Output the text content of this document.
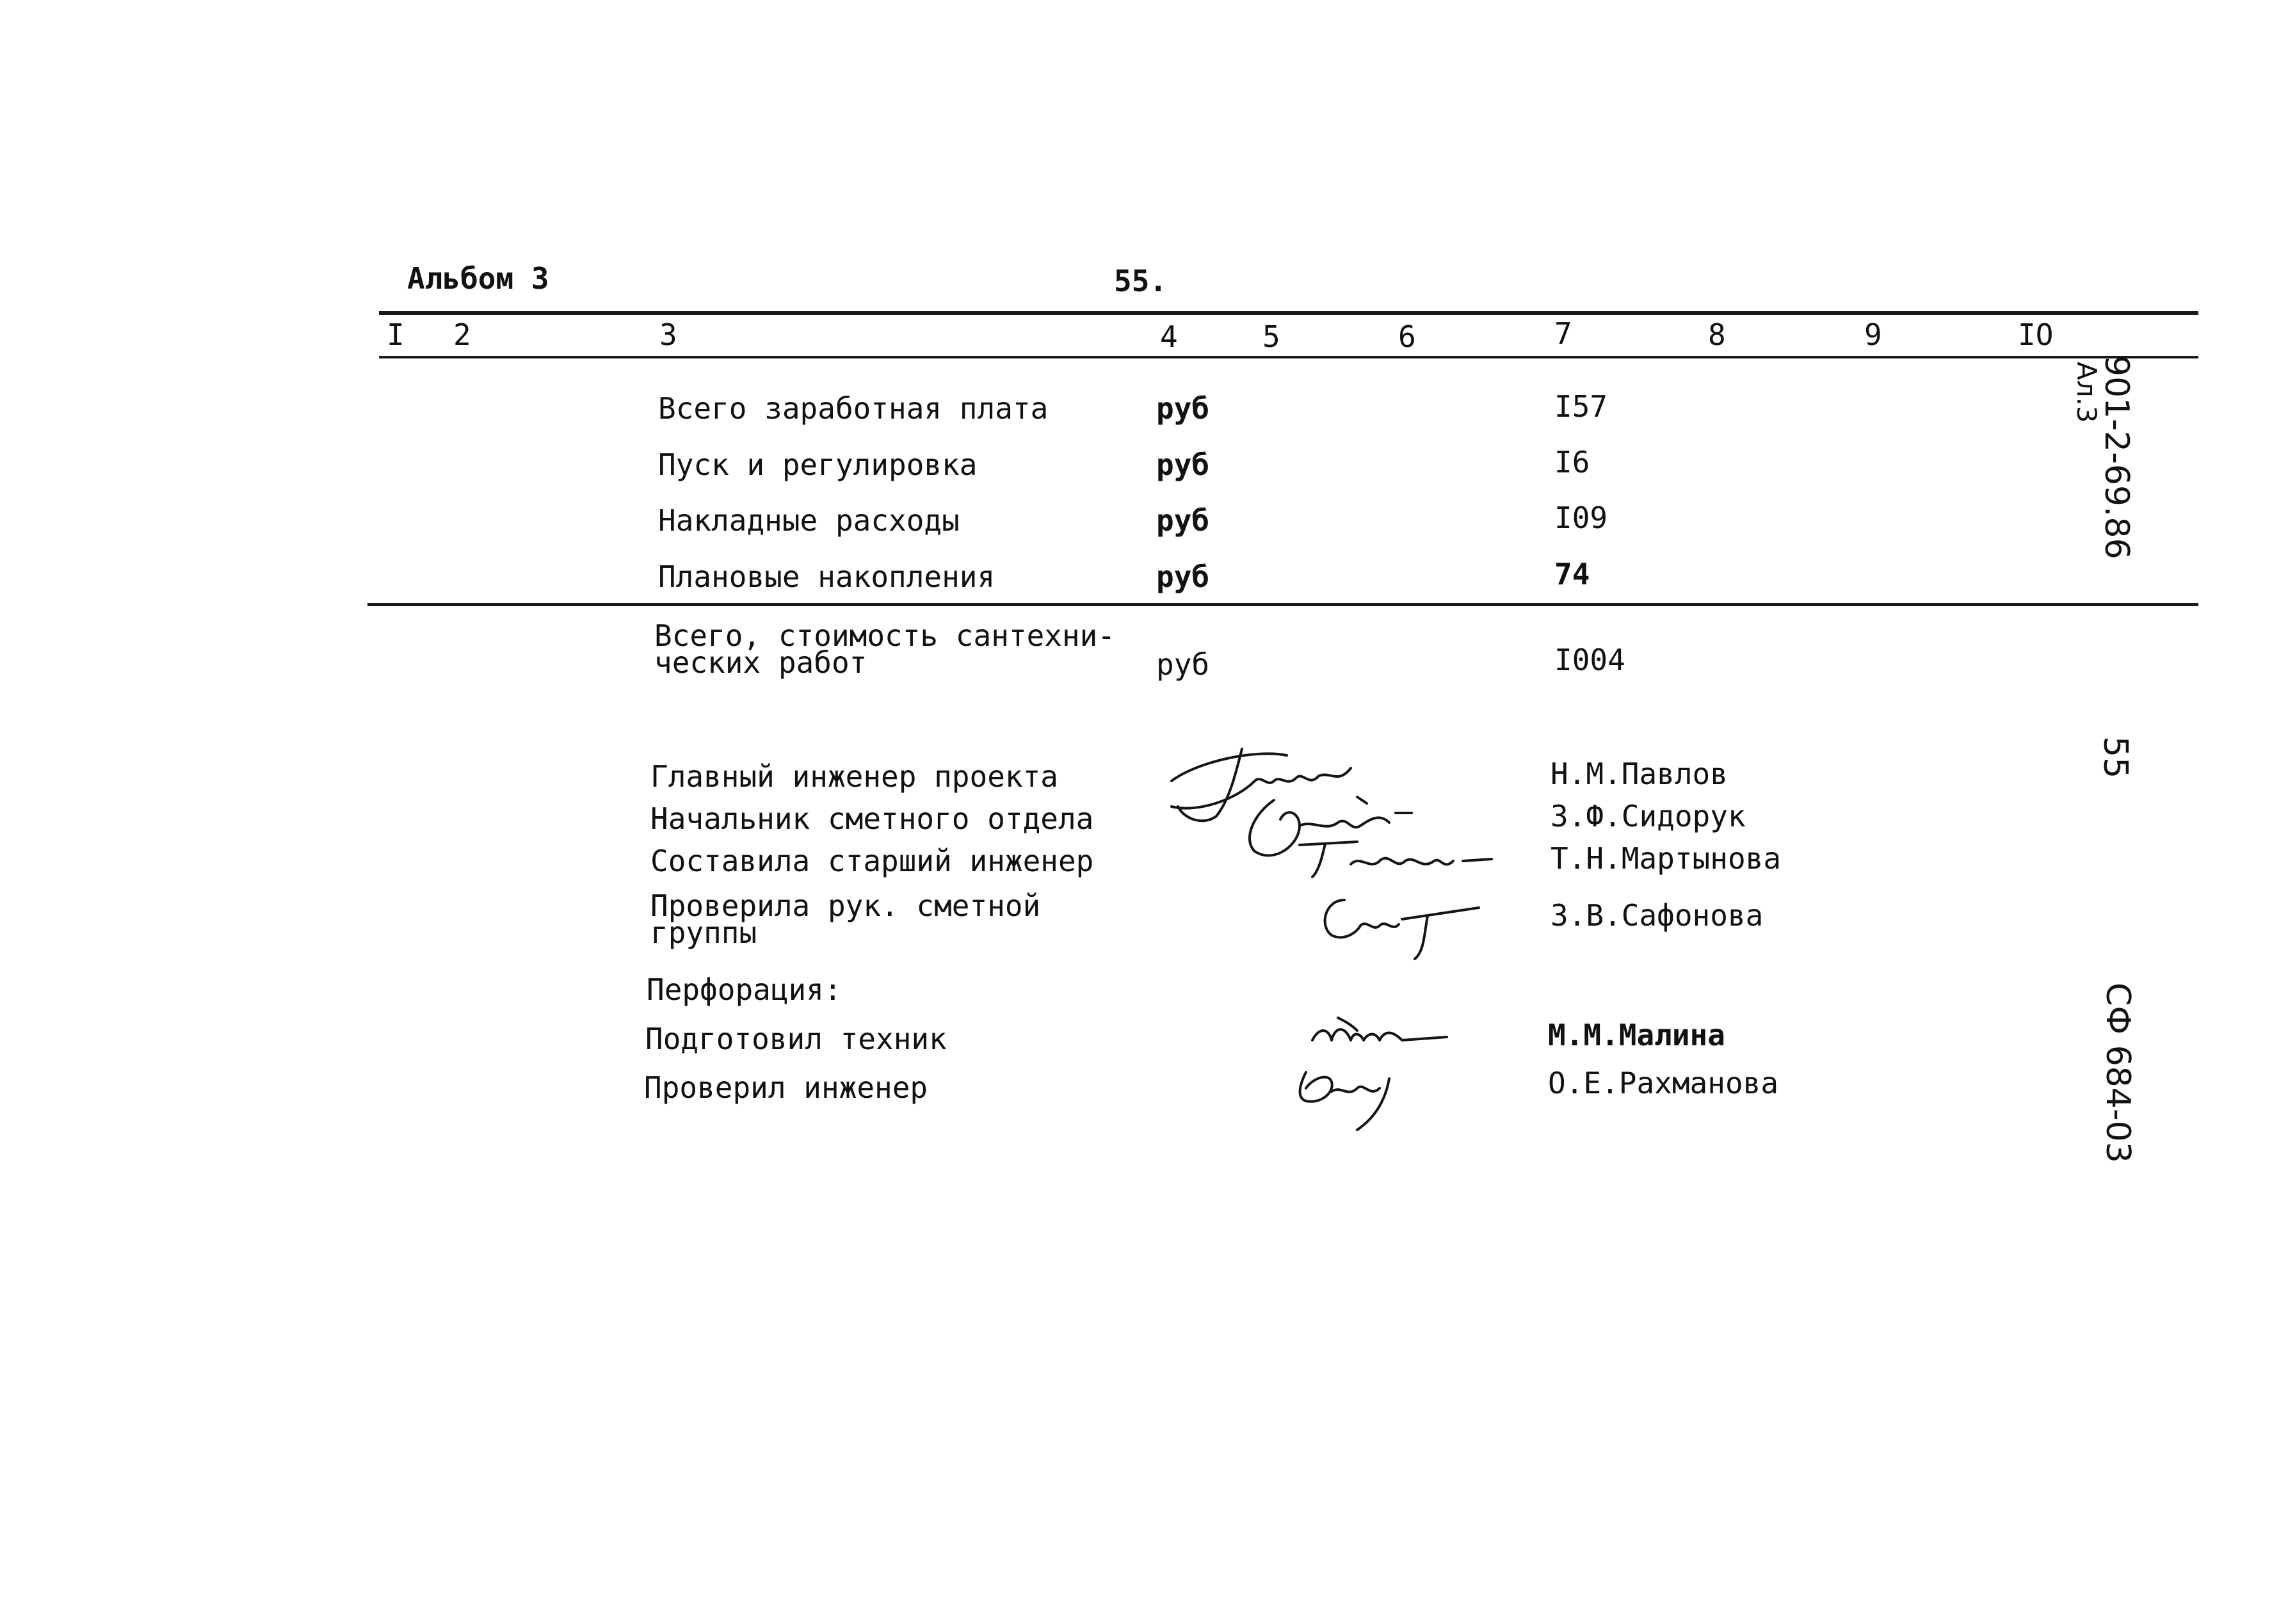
Альбом 3	55.
I 2	3	4	5	6	7	8	9	IO
Всего заработная плата	руб	I57
Пуск и регулировка	руб	I6
Накладные расходы	руб	I09
Плановые накопления	руб	74
Всего, стоимость сантехни-
ческих работ	руб	I004
Главный инженер проекта	Н.М.Павлов
Начальник сметного отдела	З.Ф.Сидорук
Составила старший инженер	Т.Н.Мартынова
Проверила рук. сметной
группы	З.В.Сафонова
Перфорация:
Подготовил техник	М.М.Малина
Проверил инженер	О.Е.Рахманова
901-2-69.86
Ал.3
55
СФ 684-03
